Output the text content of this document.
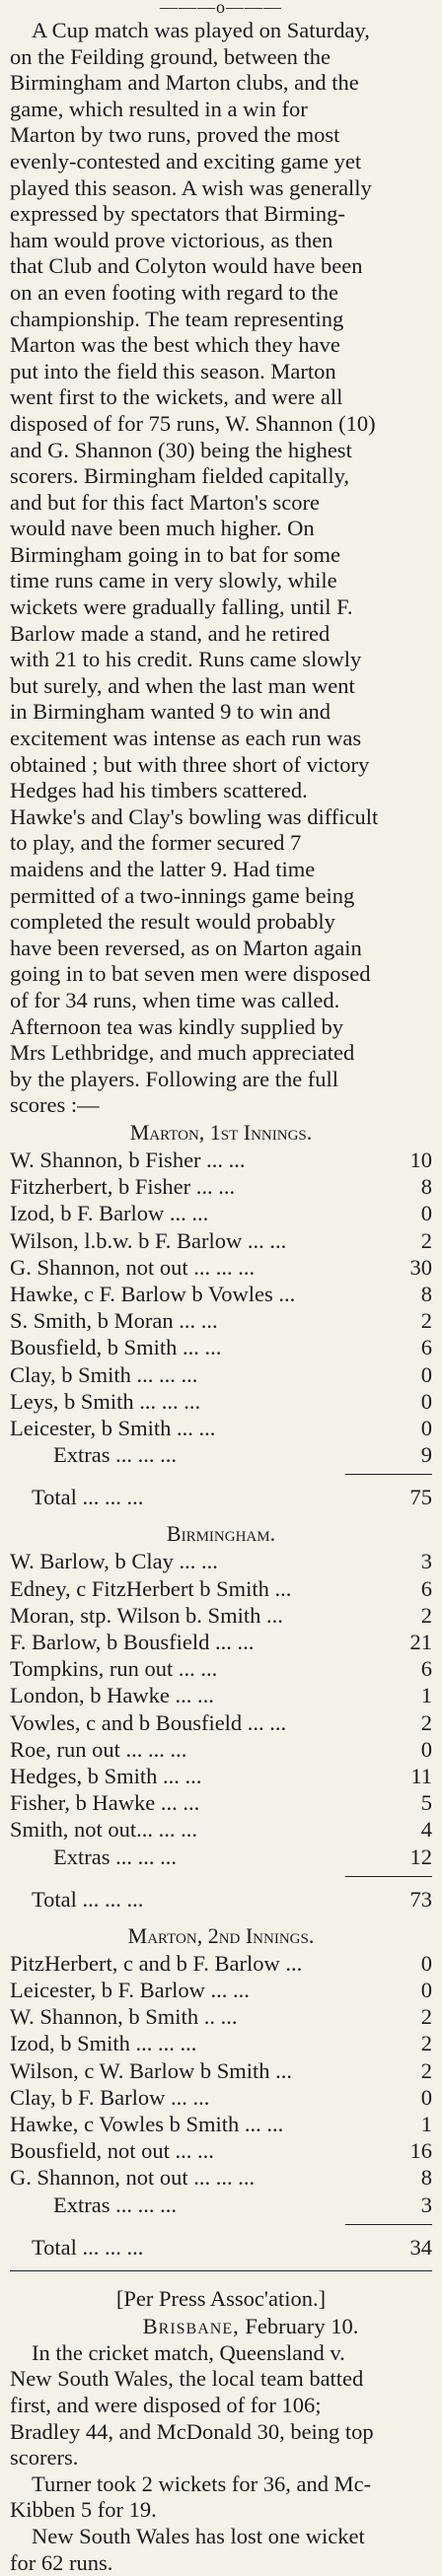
———o———
A Cup match was played on Saturday,
on the Feilding ground, between the
Birmingham and Marton clubs, and the
game, which resulted in a win for
Marton by two runs, proved the most
evenly-contested and exciting game yet
played this season. A wish was generally
expressed by spectators that Birming-
ham would prove victorious, as then
that Club and Colyton would have been
on an even footing with regard to the
championship. The team representing
Marton was the best which they have
put into the field this season. Marton
went first to the wickets, and were all
disposed of for 75 runs, W. Shannon (10)
and G. Shannon (30) being the highest
scorers. Birmingham fielded capitally,
and but for this fact Marton's score
would nave been much higher. On
Birmingham going in to bat for some
time runs came in very slowly, while
wickets were gradually falling, until F.
Barlow made a stand, and he retired
with 21 to his credit. Runs came slowly
but surely, and when the last man went
in Birmingham wanted 9 to win and
excitement was intense as each run was
obtained ; but with three short of victory
Hedges had his timbers scattered.
Hawke's and Clay's bowling was difficult
to play, and the former secured 7
maidens and the latter 9. Had time
permitted of a two-innings game being
completed the result would probably
have been reversed, as on Marton again
going in to bat seven men were disposed
of for 34 runs, when time was called.
Afternoon tea was kindly supplied by
Mrs Lethbridge, and much appreciated
by the players. Following are the full
scores :—

Marton, 1st Innings.

W. Shannon, b Fisher ... ...	10
Fitzherbert, b Fisher ... ...	8
Izod, b F. Barlow ... ...	0
Wilson, l.b.w. b F. Barlow ... ...	2
G. Shannon, not out ... ... ...	30
Hawke, c F. Barlow b Vowles ...	8
S. Smith, b Moran ... ...	2
Bousfield, b Smith ... ...	6
Clay, b Smith ... ... ...	0
Leys, b Smith ... ... ...	0
Leicester, b Smith ... ...	0
Extras ... ... ...	9
Total ... ... ...	75

Birmingham.

W. Barlow, b Clay ... ...	3
Edney, c FitzHerbert b Smith ...	6
Moran, stp. Wilson b. Smith ...	2
F. Barlow, b Bousfield ... ...	21
Tompkins, run out ... ...	6
London, b Hawke ... ...	1
Vowles, c and b Bousfield ... ...	2
Roe, run out ... ... ...	0
Hedges, b Smith ... ...	11
Fisher, b Hawke ... ...	5
Smith, not out... ... ...	4
Extras ... ... ...	12
Total ... ... ...	73

Marton, 2nd Innings.

PitzHerbert, c and b F. Barlow ...	0
Leicester, b F. Barlow ... ...	0
W. Shannon, b Smith .. ...	2
Izod, b Smith ... ... ...	2
Wilson, c W. Barlow b Smith ...	2
Clay, b F. Barlow ... ...	0
Hawke, c Vowles b Smith ... ...	1
Bousfield, not out ... ...	16
G. Shannon, not out ... ... ...	8
Extras ... ... ...	3
Total ... ... ...	34

[Per Press Assoc'ation.]

Brisbane, February 10.

In the cricket match, Queensland v.
New South Wales, the local team batted
first, and were disposed of for 106;
Bradley 44, and McDonald 30, being top
scorers.
Turner took 2 wickets for 36, and Mc-
Kibben 5 for 19.
New South Wales has lost one wicket
for 62 runs.
